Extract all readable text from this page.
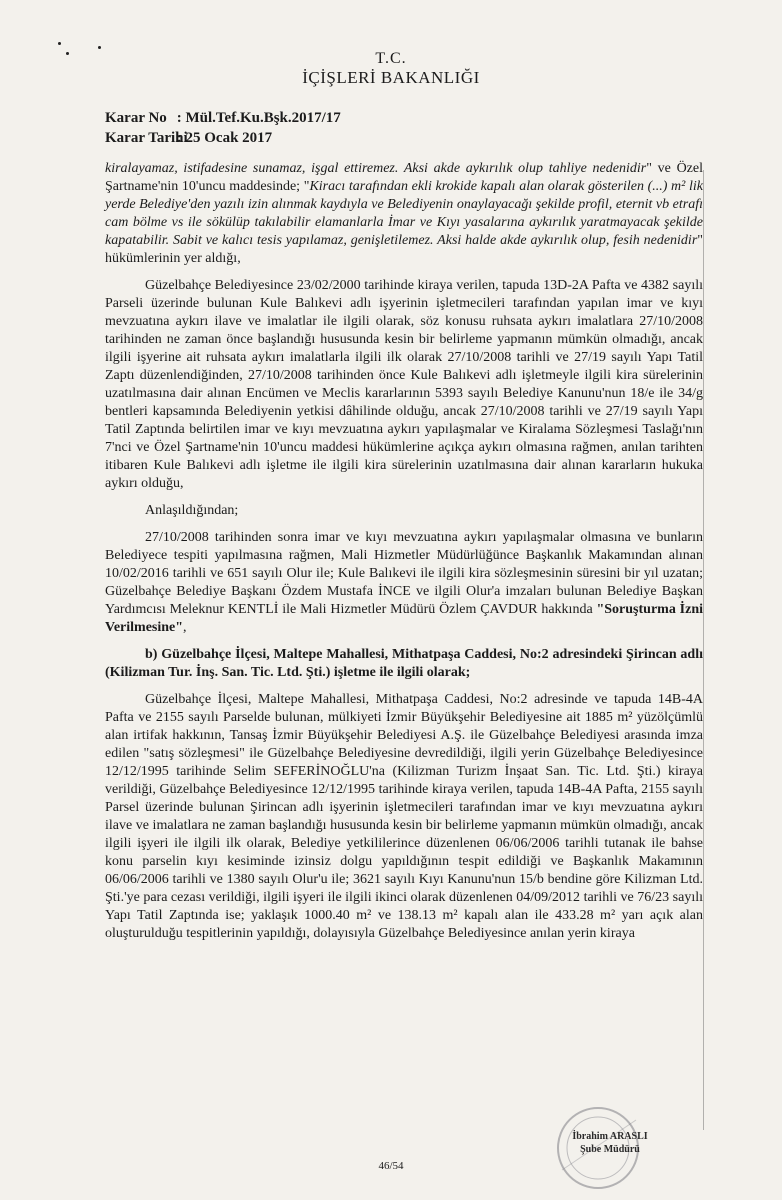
T.C.
İÇİŞLERİ BAKANLIĞI
Karar No : Mül.Tef.Ku.Bşk.2017/17
Karar Tarihi : 25 Ocak 2017

kiralayamaz, istifadesine sunamaz, işgal ettiremez. Aksi akde aykırılık olup tahliye nedenidir" ve Özel Şartname'nin 10'uncu maddesinde; "Kiracı tarafından ekli krokide kapalı alan olarak gösterilen (...) m² lik yerde Belediye'den yazılı izin alınmak kaydıyla ve Belediyenin onaylayacağı şekilde profil, eternit vb etrafı cam bölme vs ile sökülüp takılabilir elamanlarla İmar ve Kıyı yasalarına aykırılık yaratmayacak şekilde kapatabilir. Sabit ve kalıcı tesis yapılamaz, genişletilemez. Aksi halde akde aykırılık olup, fesih nedenidir" hükümlerinin yer aldığı,

Güzelbahçe Belediyesince 23/02/2000 tarihinde kiraya verilen, tapuda 13D-2A Pafta ve 4382 sayılı Parseli üzerinde bulunan Kule Balıkevi adlı işyerinin işletmecileri tarafından yapılan imar ve kıyı mevzuatına aykırı ilave ve imalatlar ile ilgili olarak, söz konusu ruhsata aykırı imalatlara 27/10/2008 tarihinden ne zaman önce başlandığı hususunda kesin bir belirleme yapmanın mümkün olmadığı, ancak ilgili işyerine ait ruhsata aykırı imalatlarla ilgili ilk olarak 27/10/2008 tarihli ve 27/19 sayılı Yapı Tatil Zaptı düzenlendiğinden, 27/10/2008 tarihinden önce Kule Balıkevi adlı işletmeyle ilgili kira sürelerinin uzatılmasına dair alınan Encümen ve Meclis kararlarının 5393 sayılı Belediye Kanunu'nun 18/e ile 34/g bentleri kapsamında Belediyenin yetkisi dâhilinde olduğu, ancak 27/10/2008 tarihli ve 27/19 sayılı Yapı Tatil Zaptında belirtilen imar ve kıyı mevzuatına aykırı yapılaşmalar ve Kiralama Sözleşmesi Taslağı'nın 7'nci ve Özel Şartname'nin 10'uncu maddesi hükümlerine açıkça aykırı olmasına rağmen, anılan tarihten itibaren Kule Balıkevi adlı işletme ile ilgili kira sürelerinin uzatılmasına dair alınan kararların hukuka aykırı olduğu,

Anlaşıldığından;

27/10/2008 tarihinden sonra imar ve kıyı mevzuatına aykırı yapılaşmalar olmasına ve bunların Belediyece tespiti yapılmasına rağmen, Mali Hizmetler Müdürlüğünce Başkanlık Makamından alınan 10/02/2016 tarihli ve 651 sayılı Olur ile; Kule Balıkevi ile ilgili kira sözleşmesinin süresini bir yıl uzatan; Güzelbahçe Belediye Başkanı Özdem Mustafa İNCE ve ilgili Olur'a imzaları bulunan Belediye Başkan Yardımcısı Meleknur KENTLİ ile Mali Hizmetler Müdürü Özlem ÇAVDUR hakkında "Soruşturma İzni Verilmesine",

b) Güzelbahçe İlçesi, Maltepe Mahallesi, Mithatpaşa Caddesi, No:2 adresindeki Şirincan adlı (Kilizman Tur. İnş. San. Tic. Ltd. Şti.) işletme ile ilgili olarak;

Güzelbahçe İlçesi, Maltepe Mahallesi, Mithatpaşa Caddesi, No:2 adresinde ve tapuda 14B-4A Pafta ve 2155 sayılı Parselde bulunan, mülkiyeti İzmir Büyükşehir Belediyesine ait 1885 m² yüzölçümlü alan irtifak hakkının, Tansaş İzmir Büyükşehir Belediyesi A.Ş. ile Güzelbahçe Belediyesi arasında imza edilen "satış sözleşmesi" ile Güzelbahçe Belediyesine devredildiği, ilgili yerin Güzelbahçe Belediyesince 12/12/1995 tarihinde Selim SEFERİNOĞLU'na (Kilizman Turizm İnşaat San. Tic. Ltd. Şti.) kiraya verildiği, Güzelbahçe Belediyesince 12/12/1995 tarihinde kiraya verilen, tapuda 14B-4A Pafta, 2155 sayılı Parsel üzerinde bulunan Şirincan adlı işyerinin işletmecileri tarafından imar ve kıyı mevzuatına aykırı ilave ve imalatlara ne zaman başlandığı hususunda kesin bir belirleme yapmanın mümkün olmadığı, ancak ilgili işyeri ile ilgili ilk olarak, Belediye yetkililerince düzenlenen 06/06/2006 tarihli tutanak ile bahse konu parselin kıyı kesiminde izinsiz dolgu yapıldığının tespit edildiği ve Başkanlık Makamının 06/06/2006 tarihli ve 1380 sayılı Olur'u ile; 3621 sayılı Kıyı Kanunu'nun 15/b bendine göre Kilizman Ltd. Şti.'ye para cezası verildiği, ilgili işyeri ile ilgili ikinci olarak düzenlenen 04/09/2012 tarihli ve 76/23 sayılı Yapı Tatil Zaptında ise; yaklaşık 1000.40 m² ve 138.13 m² kapalı alan ile 433.28 m² yarı açık alan oluşturulduğu tespitlerinin yapıldığı, dolayısıyla Güzelbahçe Belediyesince anılan yerin kiraya

İbrahim ARASLI
Şube Müdürü
46/54
